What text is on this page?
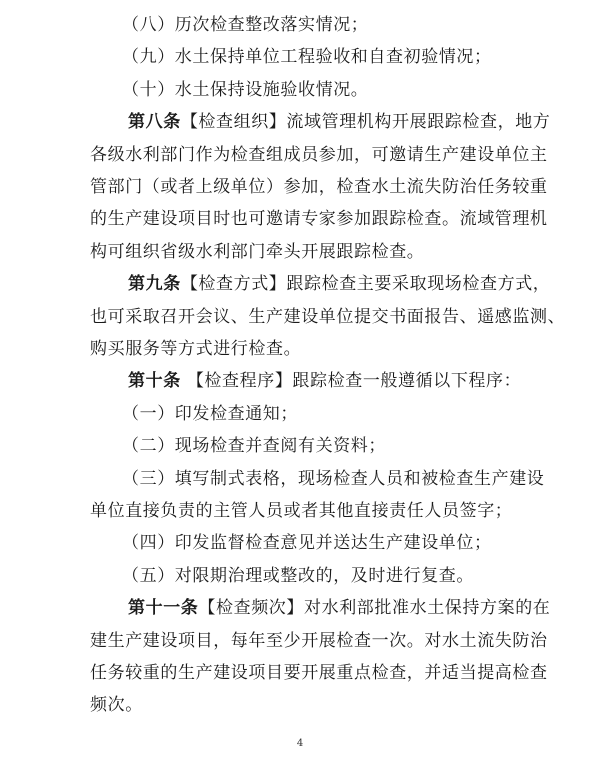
（八）历次检查整改落实情况；
（九）水土保持单位工程验收和自查初验情况；
（十）水土保持设施验收情况。
第八条【检查组织】流域管理机构开展跟踪检查，地方
各级水利部门作为检查组成员参加，可邀请生产建设单位主
管部门（或者上级单位）参加，检查水土流失防治任务较重
的生产建设项目时也可邀请专家参加跟踪检查。流域管理机
构可组织省级水利部门牵头开展跟踪检查。
第九条【检查方式】跟踪检查主要采取现场检查方式，
也可采取召开会议、生产建设单位提交书面报告、遥感监测、
购买服务等方式进行检查。
第十条 【检查程序】跟踪检查一般遵循以下程序：
（一）印发检查通知；
（二）现场检查并查阅有关资料；
（三）填写制式表格，现场检查人员和被检查生产建设
单位直接负责的主管人员或者其他直接责任人员签字；
（四）印发监督检查意见并送达生产建设单位；
（五）对限期治理或整改的，及时进行复查。
第十一条【检查频次】对水利部批准水土保持方案的在
建生产建设项目，每年至少开展检查一次。对水土流失防治
任务较重的生产建设项目要开展重点检查，并适当提高检查
频次。
4
